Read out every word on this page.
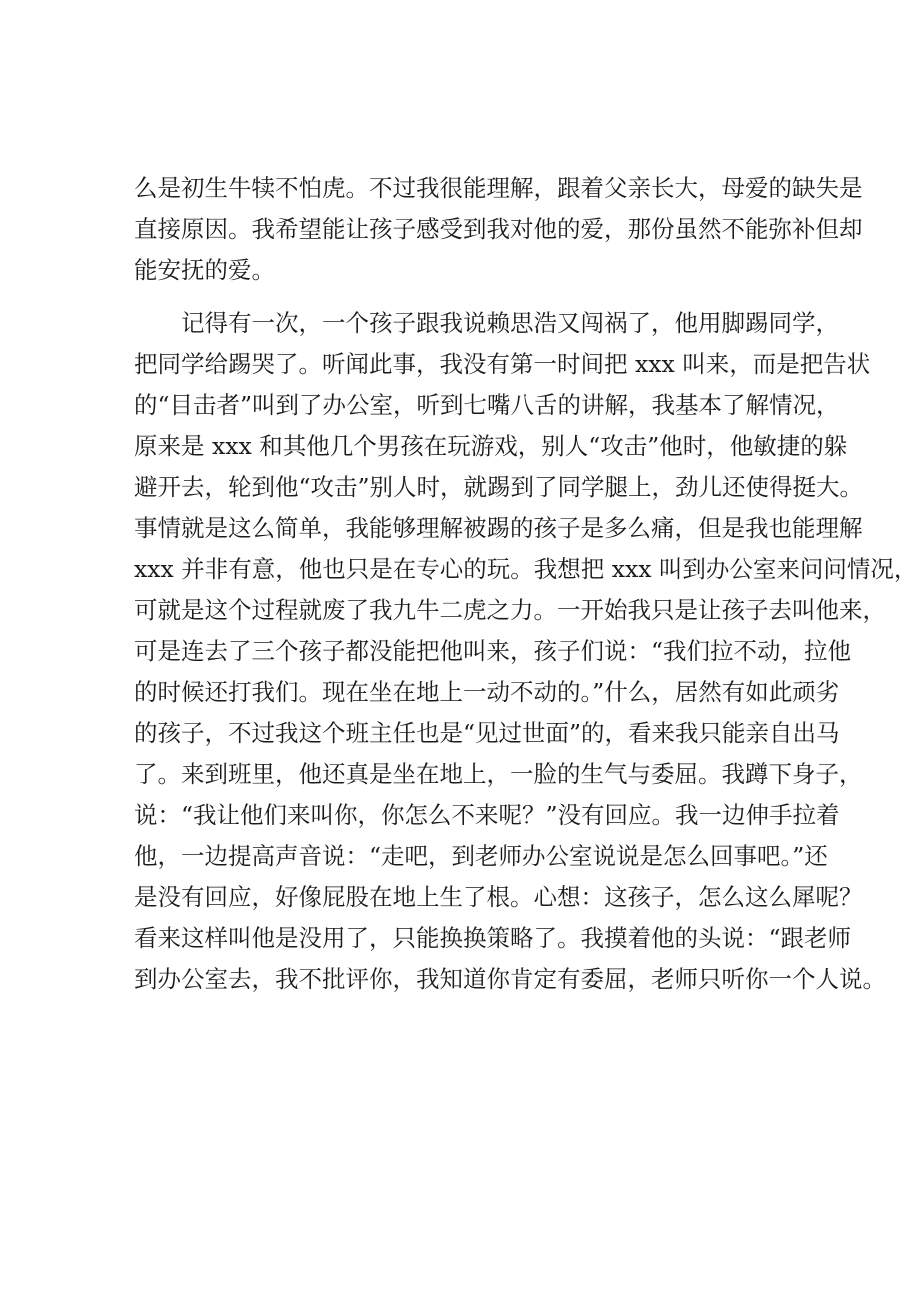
么是初生牛犊不怕虎。不过我很能理解，跟着父亲长大，母爱的缺失是
直接原因。我希望能让孩子感受到我对他的爱，那份虽然不能弥补但却
能安抚的爱。
记得有一次，一个孩子跟我说赖思浩又闯祸了，他用脚踢同学，
把同学给踢哭了。听闻此事，我没有第一时间把 xxx 叫来，而是把告状
的“目击者”叫到了办公室，听到七嘴八舌的讲解，我基本了解情况，
原来是 xxx 和其他几个男孩在玩游戏，别人“攻击”他时，他敏捷的躲
避开去，轮到他“攻击”别人时，就踢到了同学腿上，劲儿还使得挺大。
事情就是这么简单，我能够理解被踢的孩子是多么痛，但是我也能理解
xxx 并非有意，他也只是在专心的玩。我想把 xxx 叫到办公室来问问情况，
可就是这个过程就废了我九牛二虎之力。一开始我只是让孩子去叫他来，
可是连去了三个孩子都没能把他叫来，孩子们说：“我们拉不动，拉他
的时候还打我们。现在坐在地上一动不动的。”什么，居然有如此顽劣
的孩子，不过我这个班主任也是“见过世面”的，看来我只能亲自出马
了。来到班里，他还真是坐在地上，一脸的生气与委屈。我蹲下身子，
说：“我让他们来叫你，你怎么不来呢？”没有回应。我一边伸手拉着
他，一边提高声音说：“走吧，到老师办公室说说是怎么回事吧。”还
是没有回应，好像屁股在地上生了根。心想：这孩子，怎么这么犀呢？
看来这样叫他是没用了，只能换换策略了。我摸着他的头说：“跟老师
到办公室去，我不批评你，我知道你肯定有委屈，老师只听你一个人说。
